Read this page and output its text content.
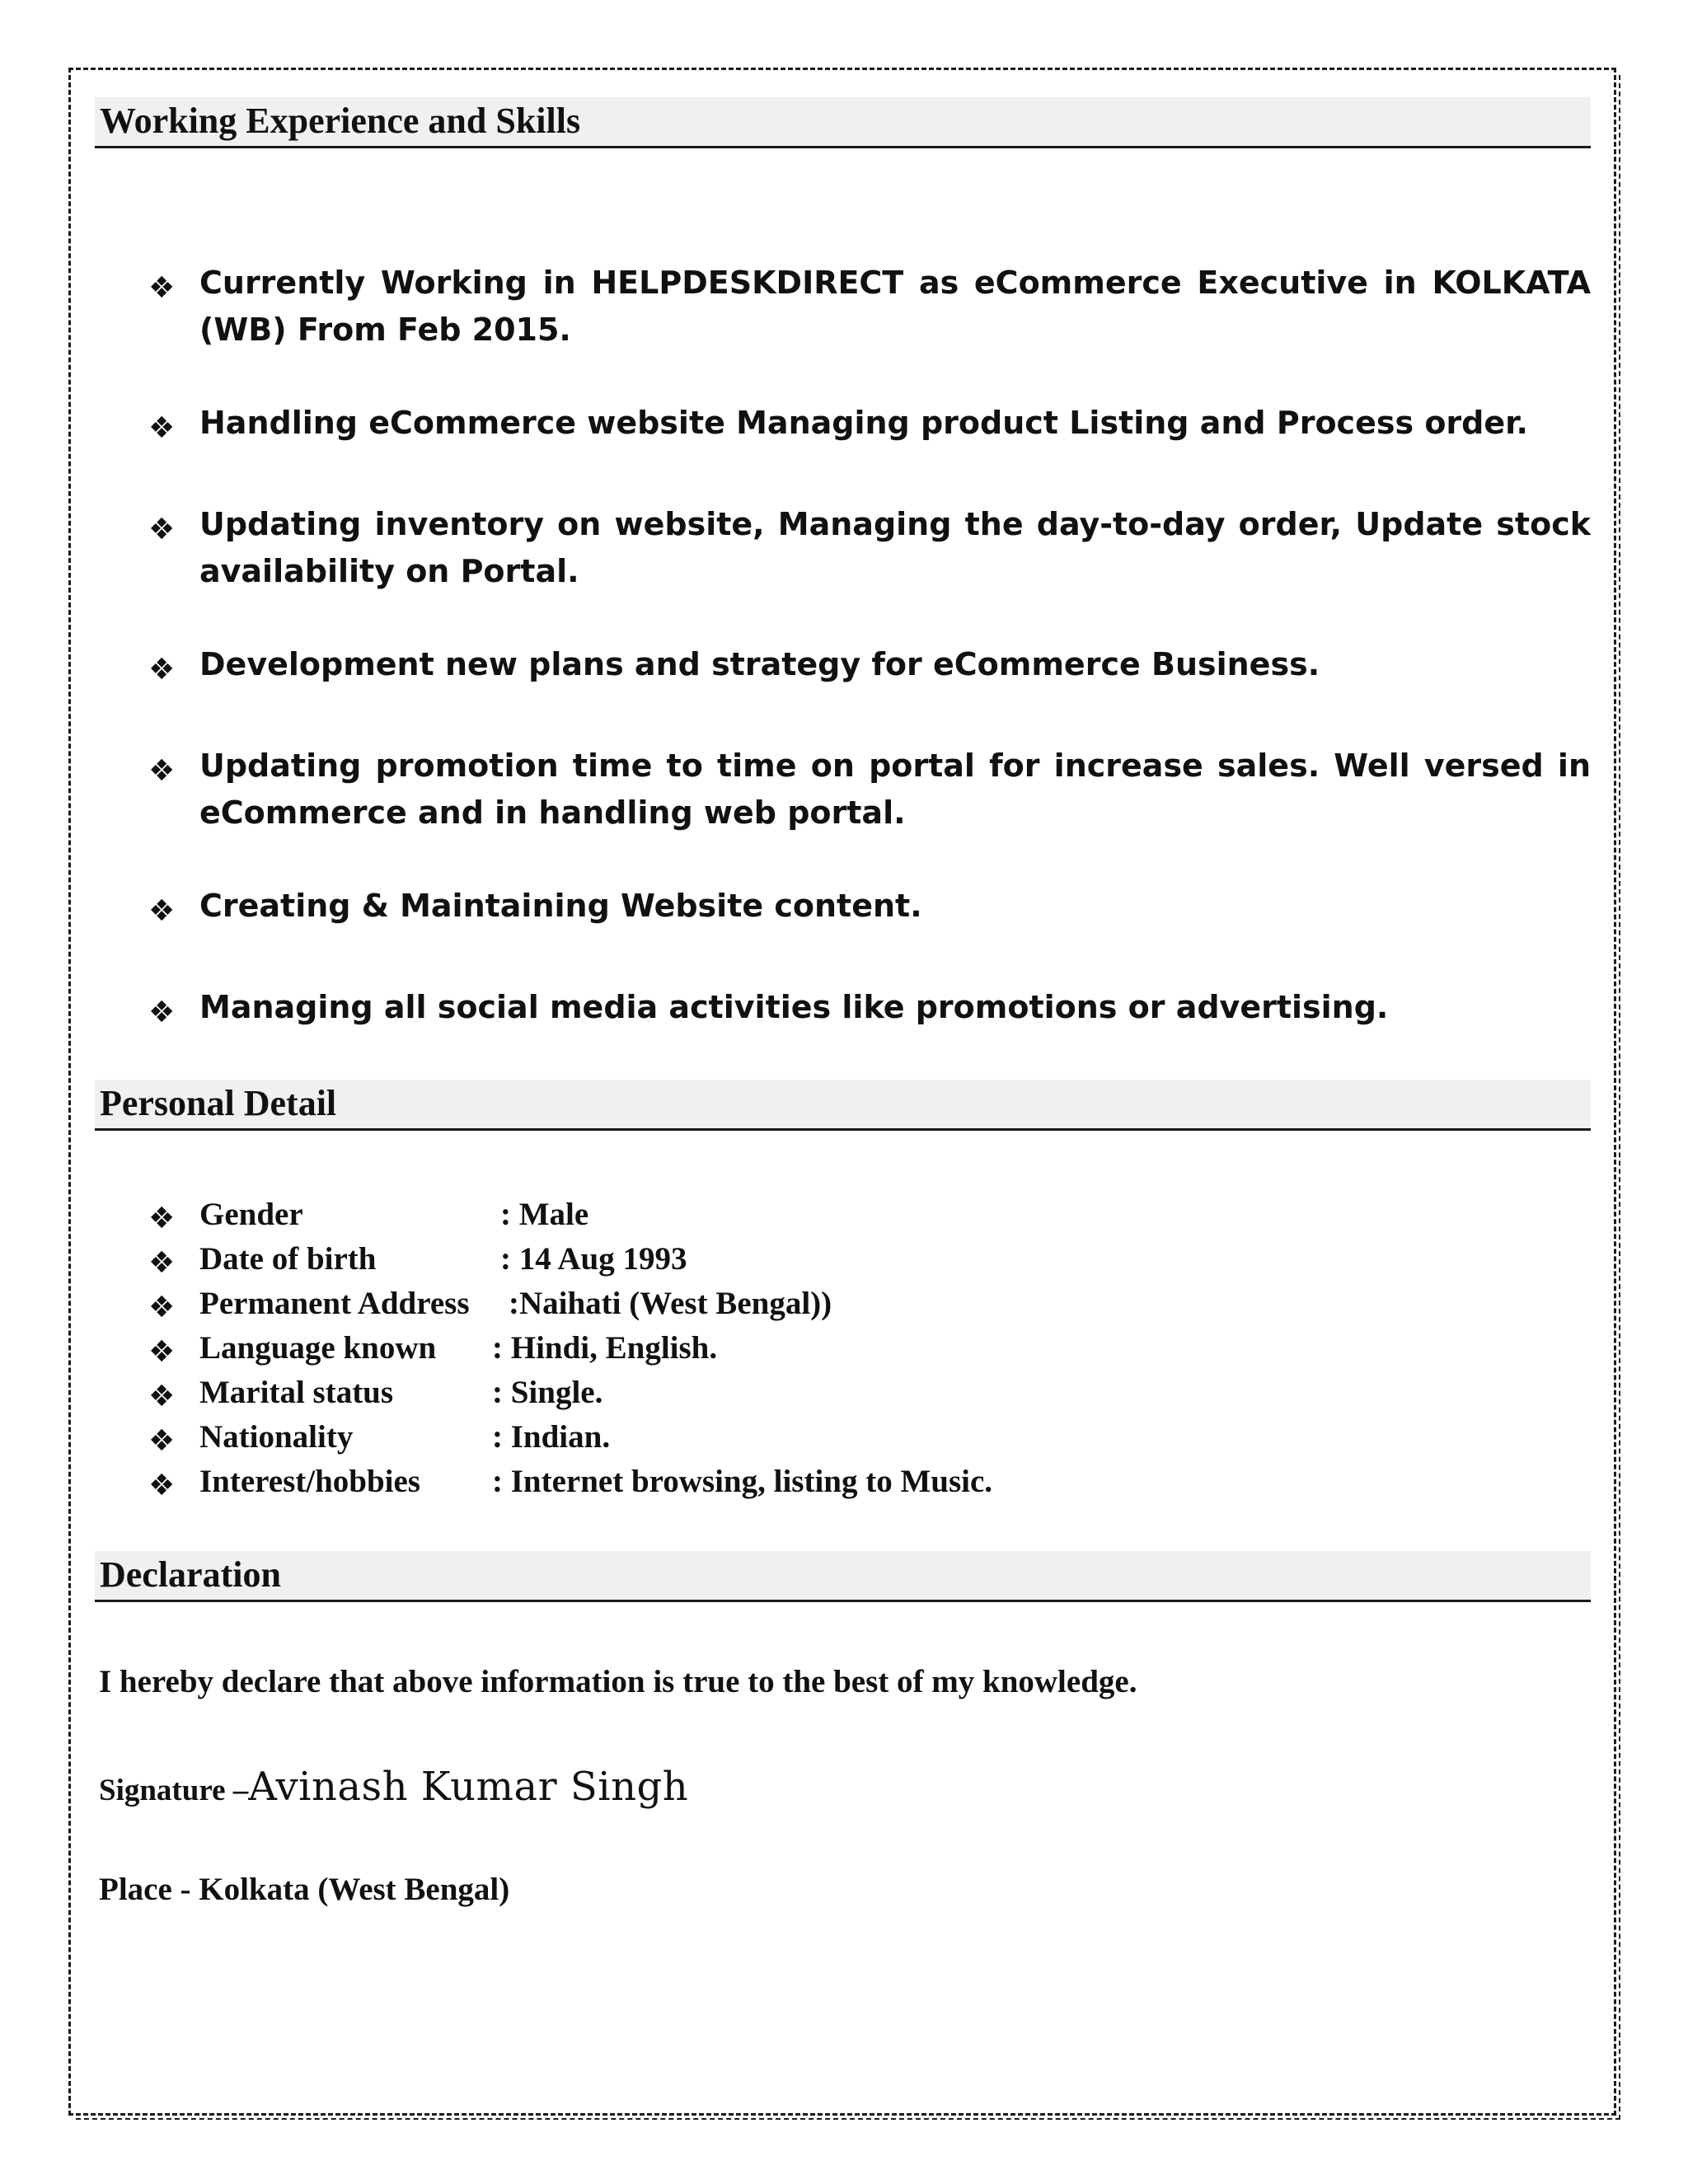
Working Experience and Skills
❖ Currently Working in HELPDESKDIRECT as eCommerce Executive in KOLKATA (WB) From Feb 2015.
❖ Handling eCommerce website Managing product Listing and Process order.
❖ Updating inventory on website, Managing the day-to-day order, Update stock availability on Portal.
❖ Development new plans and strategy for eCommerce Business.
❖ Updating promotion time to time on portal for increase sales. Well versed in eCommerce and in handling web portal.
❖ Creating & Maintaining Website content.
❖ Managing all social media activities like promotions or advertising.
Personal Detail
❖ Gender	: Male
❖ Date of birth	: 14 Aug 1993
❖ Permanent Address :Naihati (West Bengal))
❖ Language known : Hindi, English.
❖ Marital status	: Single.
❖ Nationality	: Indian.
❖ Interest/hobbies : Internet browsing, listing to Music.
Declaration
I hereby declare that above information is true to the best of my knowledge.
Signature –Avinash Kumar Singh
Place - Kolkata (West Bengal)
